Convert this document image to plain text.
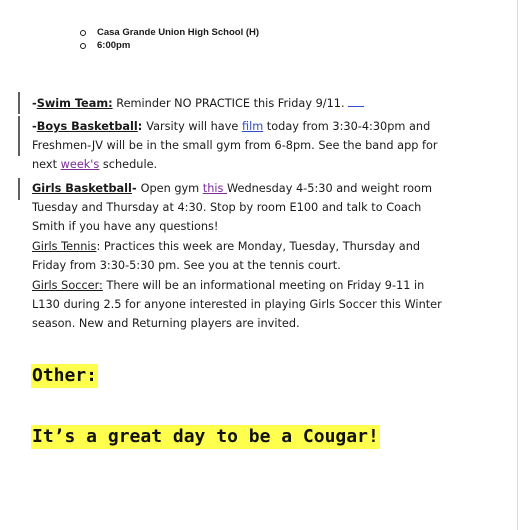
Casa Grande Union High School (H)
6:00pm
-Swim Team: Reminder NO PRACTICE this Friday 9/11.
-Boys Basketball: Varsity will have film today from 3:30-4:30pm and Freshmen-JV will be in the small gym from 6-8pm. See the band app for next week's schedule.
Girls Basketball- Open gym this Wednesday 4-5:30 and weight room Tuesday and Thursday at 4:30. Stop by room E100 and talk to Coach Smith if you have any questions!
Girls Tennis: Practices this week are Monday, Tuesday, Thursday and Friday from 3:30-5:30 pm. See you at the tennis court.
Girls Soccer: There will be an informational meeting on Friday 9-11 in L130 during 2.5 for anyone interested in playing Girls Soccer this Winter season. New and Returning players are invited.
Other:
It’s a great day to be a Cougar!
